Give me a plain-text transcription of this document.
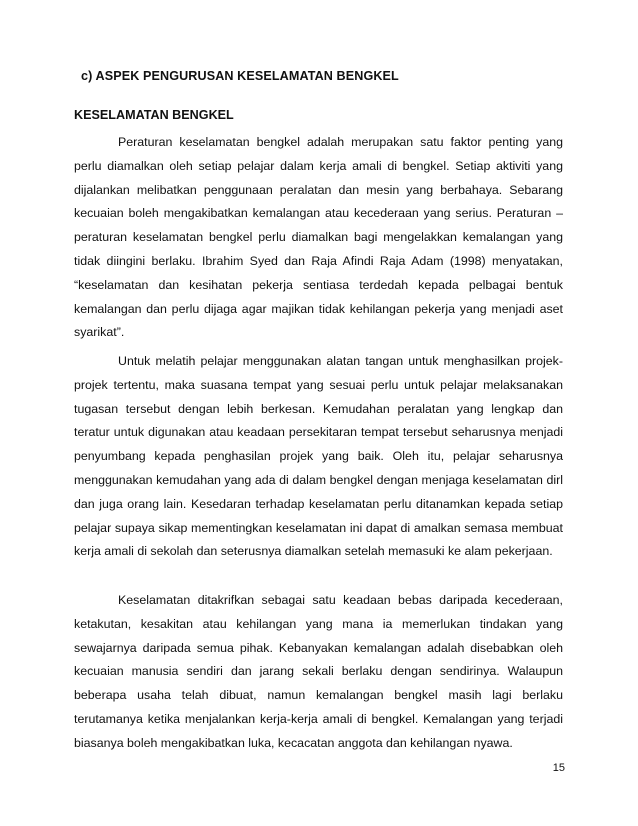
c) ASPEK PENGURUSAN KESELAMATAN BENGKEL
KESELAMATAN BENGKEL

Peraturan keselamatan bengkel adalah merupakan satu faktor penting yang perlu diamalkan oleh setiap pelajar dalam kerja amali di bengkel. Setiap aktiviti yang dijalankan melibatkan penggunaan peralatan dan mesin yang berbahaya. Sebarang kecuaian boleh mengakibatkan kemalangan atau kecederaan yang serius. Peraturan – peraturan keselamatan bengkel perlu diamalkan bagi mengelakkan kemalangan yang tidak diingini berlaku. Ibrahim Syed dan Raja Afindi Raja Adam (1998) menyatakan, “keselamatan dan kesihatan pekerja sentiasa terdedah kepada pelbagai bentuk kemalangan dan perlu dijaga agar majikan tidak kehilangan pekerja yang menjadi aset syarikat”.

Untuk melatih pelajar menggunakan alatan tangan untuk menghasilkan projek-projek tertentu, maka suasana tempat yang sesuai perlu untuk pelajar melaksanakan tugasan tersebut dengan lebih berkesan. Kemudahan peralatan yang lengkap dan teratur untuk digunakan atau keadaan persekitaran tempat tersebut seharusnya menjadi penyumbang kepada penghasilan projek yang baik. Oleh itu, pelajar seharusnya menggunakan kemudahan yang ada di dalam bengkel dengan menjaga keselamatan dirl dan juga orang lain. Kesedaran terhadap keselamatan perlu ditanamkan kepada setiap pelajar supaya sikap mementingkan keselamatan ini dapat di amalkan semasa membuat kerja amali di sekolah dan seterusnya diamalkan setelah memasuki ke alam pekerjaan.

Keselamatan ditakrifkan sebagai satu keadaan bebas daripada kecederaan, ketakutan, kesakitan atau kehilangan yang mana ia memerlukan tindakan yang sewajarnya daripada semua pihak. Kebanyakan kemalangan adalah disebabkan oleh kecuaian manusia sendiri dan jarang sekali berlaku dengan sendirinya. Walaupun beberapa usaha telah dibuat, namun kemalangan bengkel masih lagi berlaku terutamanya ketika menjalankan kerja-kerja amali di bengkel. Kemalangan yang terjadi biasanya boleh mengakibatkan luka, kecacatan anggota dan kehilangan nyawa.

15
